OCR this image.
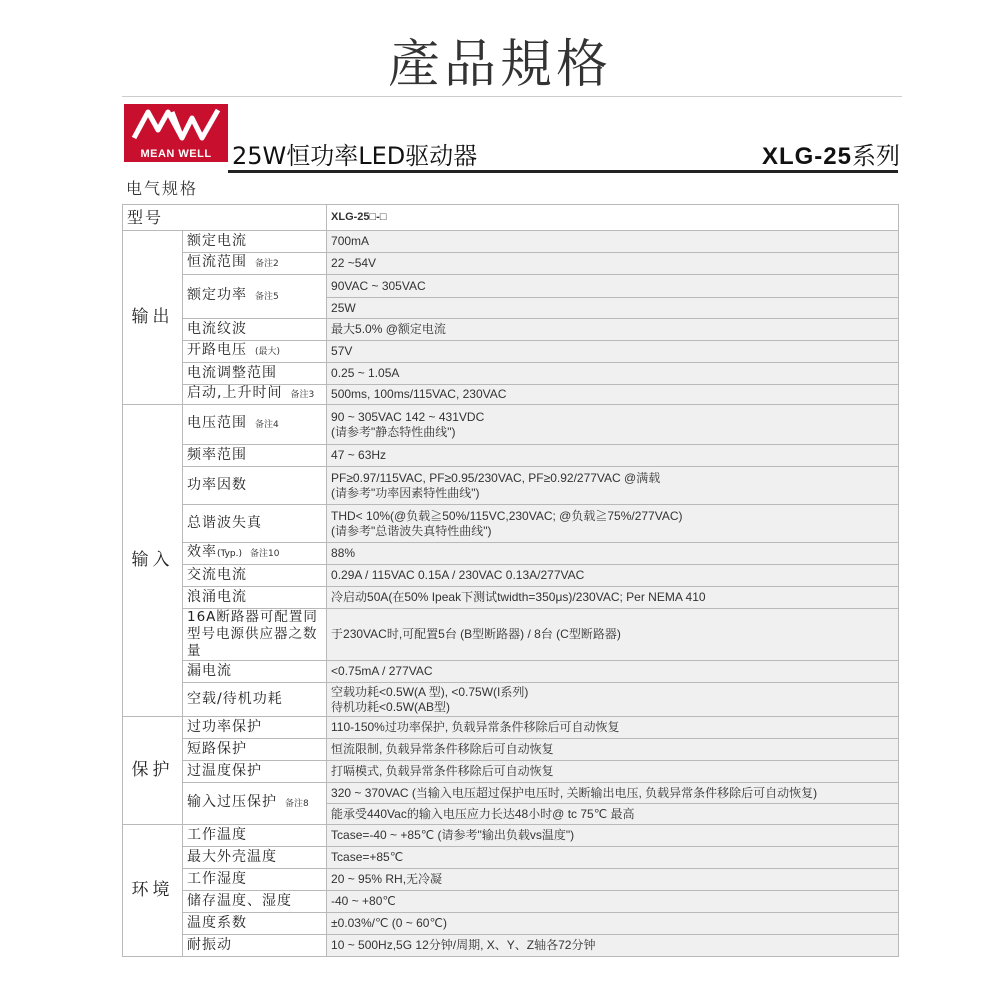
產品規格
MEAN WELL 25W恒功率LED驱动器	XLG-25系列
电气规格
型号		XLG-25□-□
输出	额定电流	700mA

	恒流范围 备注2	22 ~54V

	额定功率 备注5	90VAC ~ 305VAC
25W

	电流纹波	最大5.0% @额定电流

	开路电压 (最大)	57V

	电流调整范围	0.25 ~ 1.05A

	启动,上升时间 备注3	500ms, 100ms/115VAC, 230VAC

输入	电压范围 备注4	90 ~ 305VAC 142 ~ 431VDC
(请参考"静态特性曲线")

	频率范围	47 ~ 63Hz

	功率因数	PF≥0.97/115VAC, PF≥0.95/230VAC, PF≥0.92/277VAC @满载
(请参考"功率因素特性曲线")

	总谐波失真	THD< 10%(@负载≧50%/115VC,230VAC; @负载≧75%/277VAC)
(请参考"总谐波失真特性曲线")

	效率(Typ.) 备注10	88%

	交流电流	0.29A / 115VAC 0.15A / 230VAC 0.13A/277VAC

	浪涌电流	冷启动50A(在50% Ipeak下测试twidth=350μs)/230VAC; Per NEMA 410

	16A断路器可配置同型号电源供应器之数量	于230VAC时,可配置5台 (B型断路器) / 8台 (C型断路器)

	漏电流	<0.75mA / 277VAC

	空载/待机功耗	空载功耗<0.5W(A 型), <0.75W(I系列)
待机功耗<0.5W(AB型)

保护	过功率保护	110-150%过功率保护, 负载异常条件移除后可自动恢复

	短路保护	恒流限制, 负载异常条件移除后可自动恢复

	过温度保护	打嗝模式, 负载异常条件移除后可自动恢复

	输入过压保护 备注8	320 ~ 370VAC (当输入电压超过保护电压时, 关断输出电压, 负载异常条件移除后可自动恢复)
能承受440Vac的输入电压应力长达48小时@ tc 75℃ 最高

环境	工作温度	Tcase=-40 ~ +85℃ (请参考"输出负载vs温度")

	最大外壳温度	Tcase=+85℃

	工作湿度	20 ~ 95% RH,无冷凝

	储存温度、湿度	-40 ~ +80℃

	温度系数	±0.03%/℃ (0 ~ 60℃)

	耐振动	10 ~ 500Hz,5G 12分钟/周期, X、Y、Z轴各72分钟
